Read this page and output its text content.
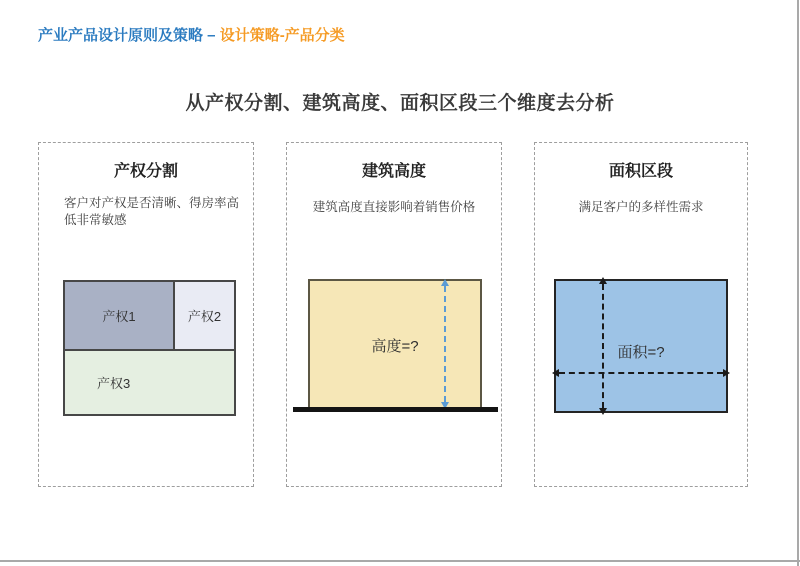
产业产品设计原则及策略 – 设计策略-产品分类
从产权分割、建筑高度、面积区段三个维度去分析
产权分割

客户对产权是否清晰、得房率高低非常敏感

产权1	产权2
产权3
建筑高度

建筑高度直接影响着销售价格

高度=?
面积区段

满足客户的多样性需求

面积=?
